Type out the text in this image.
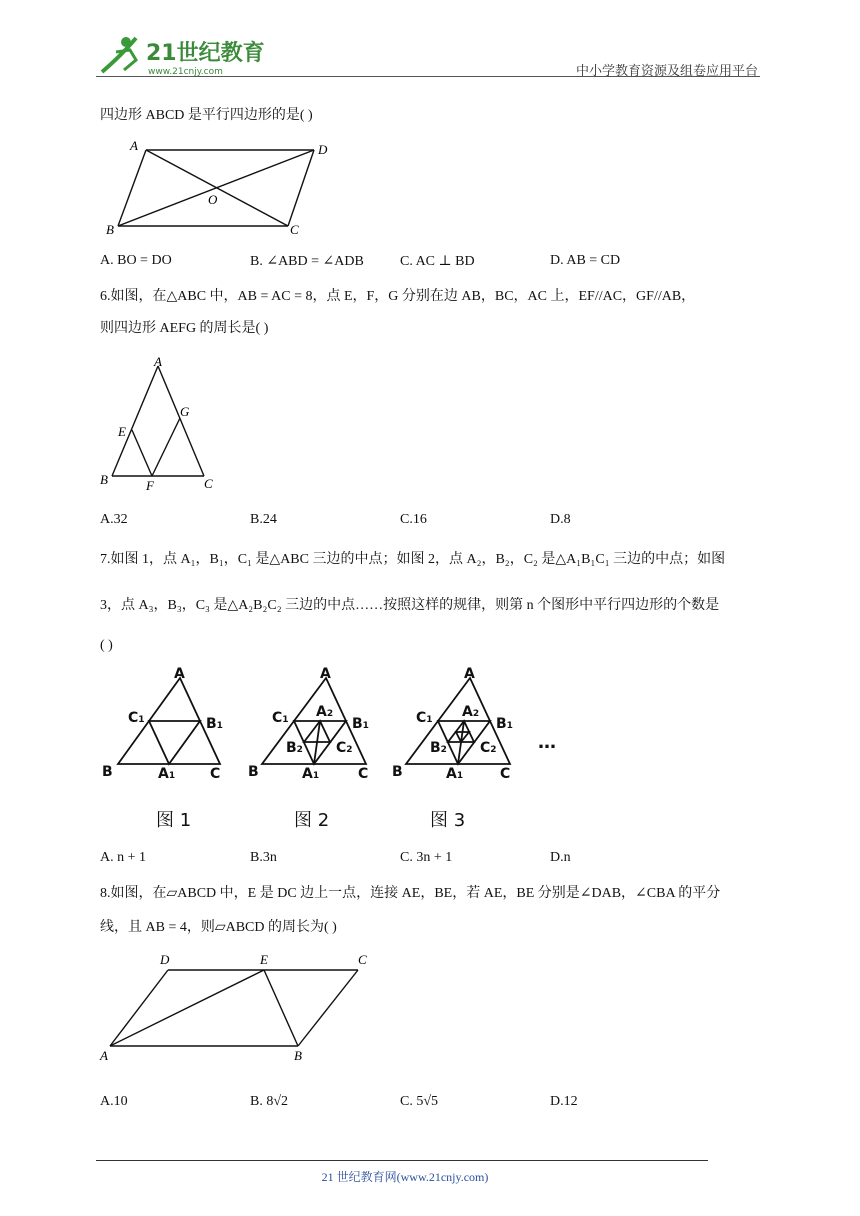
21世纪教育
www.21cnjy.com	中小学教育资源及组卷应用平台
四边形 ABCD 是平行四边形的是( )
A	D
O
B	C
A. BO = DO	B. ∠ABD = ∠ADB	C. AC ⊥ BD	D. AB = CD
6.如图，在△ABC 中，AB = AC = 8，点 E，F，G 分别在边 AB，BC，AC 上，EF//AC，GF//AB，
则四边形 AEFG 的周长是( )
A
G
E
B	F	C
A.32	B.24	C.16	D.8
7.如图 1，点 A₁，B₁，C₁ 是△ABC 三边的中点；如图 2，点 A₂，B₂，C₂ 是△A₁B₁C₁ 三边的中点；如图
3，点 A₃，B₃，C₃ 是△A₂B₂C₂ 三边的中点……按照这样的规律，则第 n 个图形中平行四边形的个数是
( )
A
C1	B1
B	A1 C
A
C1 A2
B1
B2 C2
B	A1	C
A
C1 A2
B1
B2 C2
B	A1	C
…
图 1	图 2	图 3
A. n + 1	B.3n	C. 3n + 1	D.n
8.如图，在▱ABCD 中，E 是 DC 边上一点，连接 AE，BE，若 AE，BE 分别是∠DAB，∠CBA 的平分
线，且 AB = 4，则▱ABCD 的周长为( )
D	E	C
A	B
A.10	B. 8√2	C. 5√5	D.12
21 世纪教育网(www.21cnjy.com)
